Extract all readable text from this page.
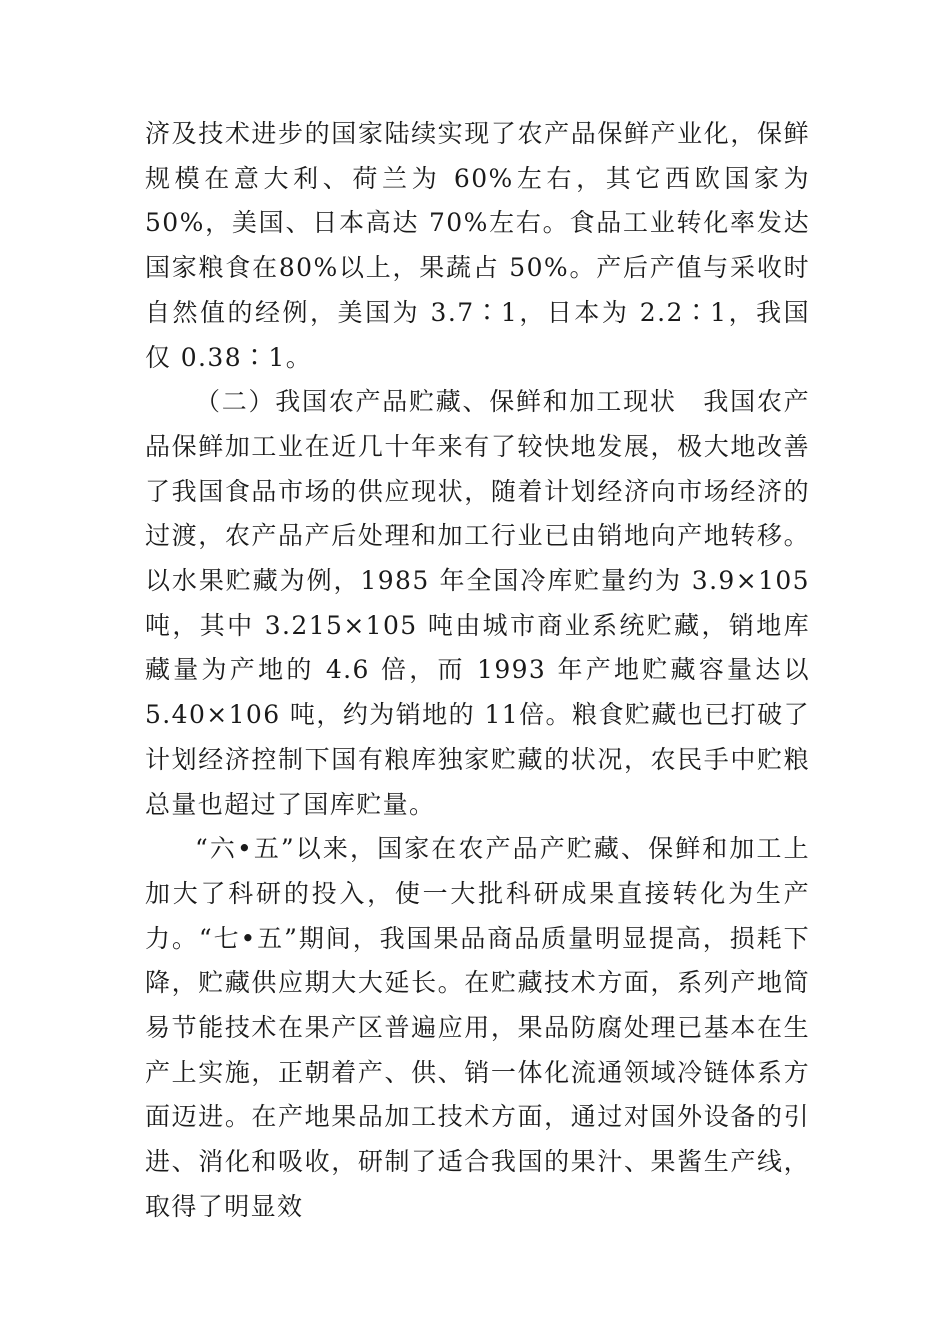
济及技术进步的国家陆续实现了农产品保鲜产业化，保鲜规模在意大利、荷兰为 60%左右，其它西欧国家为 50%，美国、日本高达 70%左右。食品工业转化率发达国家粮食在80%以上，果蔬占 50%。产后产值与采收时自然值的经例，美国为 3.7∶1，日本为 2.2∶1，我国仅 0.38∶1。

（二）我国农产品贮藏、保鲜和加工现状　我国农产品保鲜加工业在近几十年来有了较快地发展，极大地改善了我国食品市场的供应现状，随着计划经济向市场经济的过渡，农产品产后处理和加工行业已由销地向产地转移。以水果贮藏为例，1985 年全国冷库贮量约为 3.9×105 吨，其中 3.215×105 吨由城市商业系统贮藏，销地库藏量为产地的 4.6 倍，而 1993 年产地贮藏容量达以 5.40×106 吨，约为销地的 11倍。粮食贮藏也已打破了计划经济控制下国有粮库独家贮藏的状况，农民手中贮粮总量也超过了国库贮量。

“六•五”以来，国家在农产品产贮藏、保鲜和加工上加大了科研的投入，使一大批科研成果直接转化为生产力。“七•五”期间，我国果品商品质量明显提高，损耗下降，贮藏供应期大大延长。在贮藏技术方面，系列产地简易节能技术在果产区普遍应用，果品防腐处理已基本在生产上实施，正朝着产、供、销一体化流通领域冷链体系方面迈进。在产地果品加工技术方面，通过对国外设备的引进、消化和吸收，研制了适合我国的果汁、果酱生产线，取得了明显效
